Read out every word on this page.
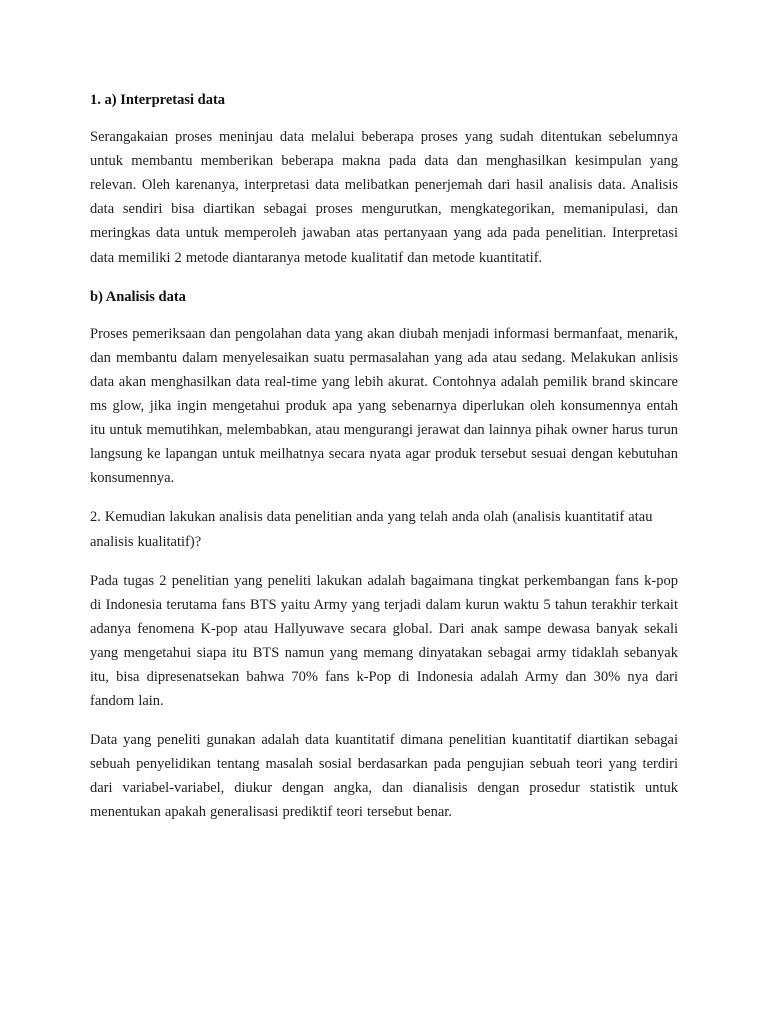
1. a) Interpretasi data
Serangakaian proses meninjau data melalui beberapa proses yang sudah ditentukan sebelumnya untuk membantu memberikan beberapa makna pada data dan menghasilkan kesimpulan yang relevan. Oleh karenanya, interpretasi data melibatkan penerjemah dari hasil analisis data. Analisis data sendiri bisa diartikan sebagai proses mengurutkan, mengkategorikan, memanipulasi, dan meringkas data untuk memperoleh jawaban atas pertanyaan yang ada pada penelitian. Interpretasi data memiliki 2 metode diantaranya metode kualitatif dan metode kuantitatif.
b) Analisis data
Proses pemeriksaan dan pengolahan data yang akan diubah menjadi informasi bermanfaat, menarik, dan membantu dalam menyelesaikan suatu permasalahan yang ada atau sedang. Melakukan anlisis data akan menghasilkan data real-time yang lebih akurat. Contohnya adalah pemilik brand skincare ms glow, jika ingin mengetahui produk apa yang sebenarnya diperlukan oleh konsumennya entah itu untuk memutihkan, melembabkan, atau mengurangi jerawat dan lainnya pihak owner harus turun langsung ke lapangan untuk meilhatnya secara nyata agar produk tersebut sesuai dengan kebutuhan konsumennya.
2. Kemudian lakukan analisis data penelitian anda yang telah anda olah (analisis kuantitatif atau analisis kualitatif)?
Pada tugas 2 penelitian yang peneliti lakukan adalah bagaimana tingkat perkembangan fans k-pop di Indonesia terutama fans BTS yaitu Army yang terjadi dalam kurun waktu 5 tahun terakhir terkait adanya fenomena K-pop atau Hallyuwave secara global. Dari anak sampe dewasa banyak sekali yang mengetahui siapa itu BTS namun yang memang dinyatakan sebagai army tidaklah sebanyak itu, bisa dipresenatsekan bahwa 70% fans k-Pop di Indonesia adalah Army dan 30% nya dari fandom lain.
Data yang peneliti gunakan adalah data kuantitatif dimana penelitian kuantitatif diartikan sebagai sebuah penyelidikan tentang masalah sosial berdasarkan pada pengujian sebuah teori yang terdiri dari variabel-variabel, diukur dengan angka, dan dianalisis dengan prosedur statistik untuk menentukan apakah generalisasi prediktif teori tersebut benar.
